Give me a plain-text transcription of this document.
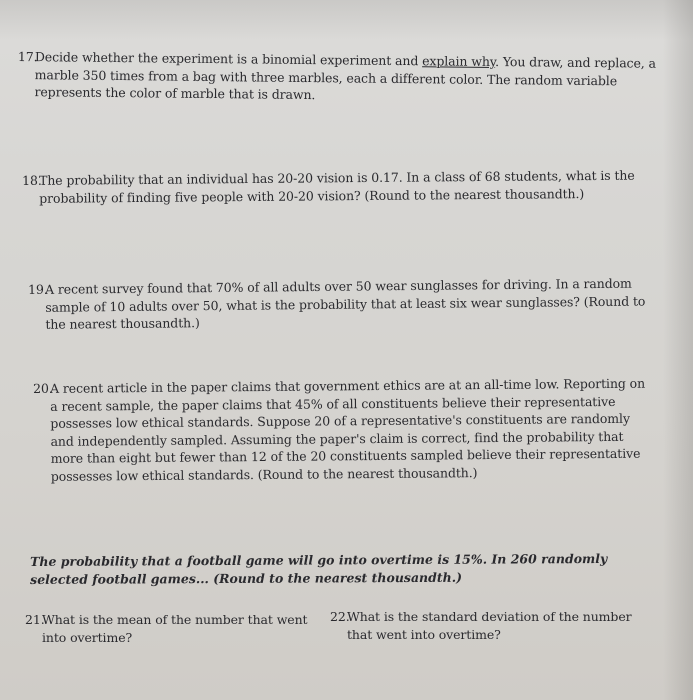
17.Decide whether the experiment is a binomial experiment and explain why. You draw, and replace, a marble 350 times from a bag with three marbles, each a different color. The random variable represents the color of marble that is drawn.

18.The probability that an individual has 20-20 vision is 0.17. In a class of 68 students, what is the probability of finding five people with 20-20 vision? (Round to the nearest thousandth.)

19.A recent survey found that 70% of all adults over 50 wear sunglasses for driving. In a random sample of 10 adults over 50, what is the probability that at least six wear sunglasses? (Round to the nearest thousandth.)

20.A recent article in the paper claims that government ethics are at an all-time low. Reporting on a recent sample, the paper claims that 45% of all constituents believe their representative possesses low ethical standards. Suppose 20 of a representative's constituents are randomly and independently sampled. Assuming the paper's claim is correct, find the probability that more than eight but fewer than 12 of the 20 constituents sampled believe their representative possesses low ethical standards. (Round to the nearest thousandth.)

The probability that a football game will go into overtime is 15%. In 260 randomly selected football games... (Round to the nearest thousandth.)

21.What is the mean of the number that went into overtime?

22.What is the standard deviation of the number that went into overtime?
